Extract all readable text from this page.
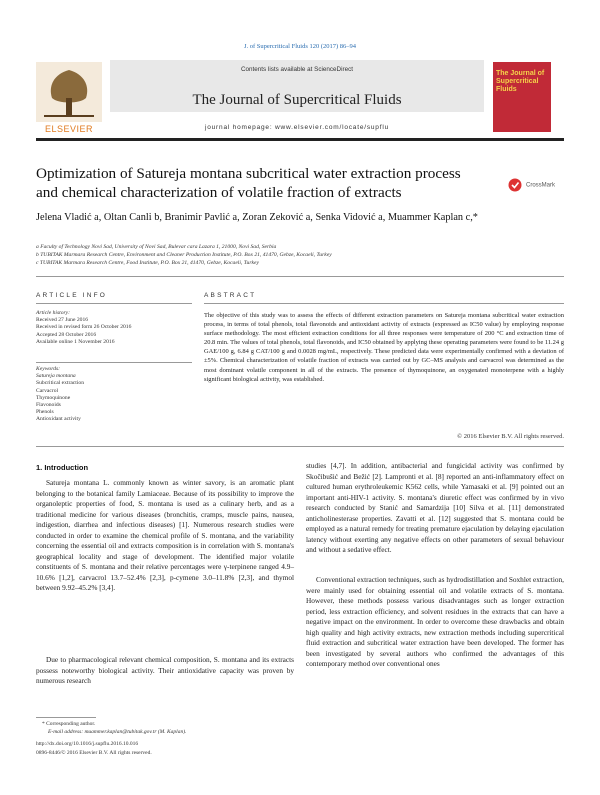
J. of Supercritical Fluids 120 (2017) 86–94
ELSEVIER
Contents lists available at ScienceDirect
The Journal of Supercritical Fluids
journal homepage: www.elsevier.com/locate/supflu
The Journal of Supercritical Fluids
Optimization of Satureja montana subcritical water extraction process and chemical characterization of volatile fraction of extracts	CrossMark
Jelena Vladić a, Oltan Canli b, Branimir Pavlić a, Zoran Zeković a, Senka Vidović a, Muammer Kaplan c,*
a Faculty of Technology Novi Sad, University of Novi Sad, Bulevar cara Lazara 1, 21000, Novi Sad, Serbia
b TUBITAK Marmara Research Centre, Environment and Cleaner Production Institute, P.O. Box 21, 41470, Gebze, Kocaeli, Turkey
c TUBITAK Marmara Research Centre, Food Institute, P.O. Box 21, 41470, Gebze, Kocaeli, Turkey
ARTICLE INFO	ABSTRACT
Article history:
Received 27 June 2016
Received in revised form 26 October 2016
Accepted 28 October 2016
Available online 1 November 2016
Keywords:
Satureja montana
Subcritical extraction
Carvacrol
Thymoquinone
Flavonoids
Phenols
Antioxidant activity
The objective of this study was to assess the effects of different extraction parameters on Satureja montana subcritical water extraction process, in terms of total phenols, total flavonoids and antioxidant activity of extracts (expressed as IC50 value) by employing response surface methodology. The most efficient extraction conditions for all three responses were temperature of 200 °C and extraction time of 20.8 min. The values of total phenols, total flavonoids, and IC50 obtained by applying these operating parameters were found to be 11.24 g GAE/100 g, 6.84 g CAT/100 g and 0.0028 mg/mL, respectively. These predicted data were experimentally confirmed with a deviation of ±5%. Chemical characterization of volatile fraction of extracts was carried out by GC–MS analysis and carvacrol was determined as the most dominant volatile component in all of the extracts. The presence of thymoquinone, an oxygenated monoterpene with a highly significant biological activity, was established.
© 2016 Elsevier B.V. All rights reserved.
1. Introduction
Satureja montana L. commonly known as winter savory, is an aromatic plant belonging to the botanical family Lamiaceae. Because of its possibility to improve the organoleptic properties of food, S. montana is used as a culinary herb, and as a traditional medicine for various diseases (bronchitis, cramps, muscle pains, nausea, indigestion, diarrhea and infectious diseases) [1]. Numerous research studies were conducted in order to examine the chemical profile of S. montana, and the variability concerning the essential oil and extracts composition is in correlation with S. montana's geographical locality and stage of development. The identified major volatile constituents of S. montana and their relative percentages were γ-terpinene ranged 4.9–10.6% [1,2], carvacrol 13.7–52.4% [2,3], p-cymene 3.0–11.8% [2,3], and thymol between 9.92–45.2% [3,4].
Due to pharmacological relevant chemical composition, S. montana and its extracts possess noteworthy biological activity. Their antioxidative capacity was proven by numerous research
studies [4,7]. In addition, antibacterial and fungicidal activity was confirmed by Skočibušić and Bežić [2]. Lampronti et al. [8] reported an anti-inflammatory effect on cultured human erythroleukemic K562 cells, while Yamasaki et al. [9] pointed out an important anti-HIV-1 activity. S. montana's diuretic effect was confirmed by in vivo research conducted by Stanić and Samardzija [10] Silva et al. [11] demonstrated anticholinesterase properties. Zavatti et al. [12] suggested that S. montana could be employed as a natural remedy for treating premature ejaculation by delaying ejaculation latency without exerting any negative effects on other parameters of sexual behaviour and without a sedative effect.
Conventional extraction techniques, such as hydrodistillation and Soxhlet extraction, were mainly used for obtaining essential oil and volatile extracts of S. montana. However, these methods possess various disadvantages such as longer extraction period, less extraction efficiency, and solvent residues in the extracts that can have a negative impact on the environment. In order to overcome these drawbacks and obtain high quality and high activity extracts, new extraction methods including supercritical fluid extraction and subcritical water extraction have been developed. The former has been investigated by several authors who confirmed the advantages of this contemporary method over conventional ones
* Corresponding author.
E-mail address: muammer.kaplan@tubitak.gov.tr (M. Kaplan).
http://dx.doi.org/10.1016/j.supflu.2016.10.016
0896-8446/© 2016 Elsevier B.V. All rights reserved.
